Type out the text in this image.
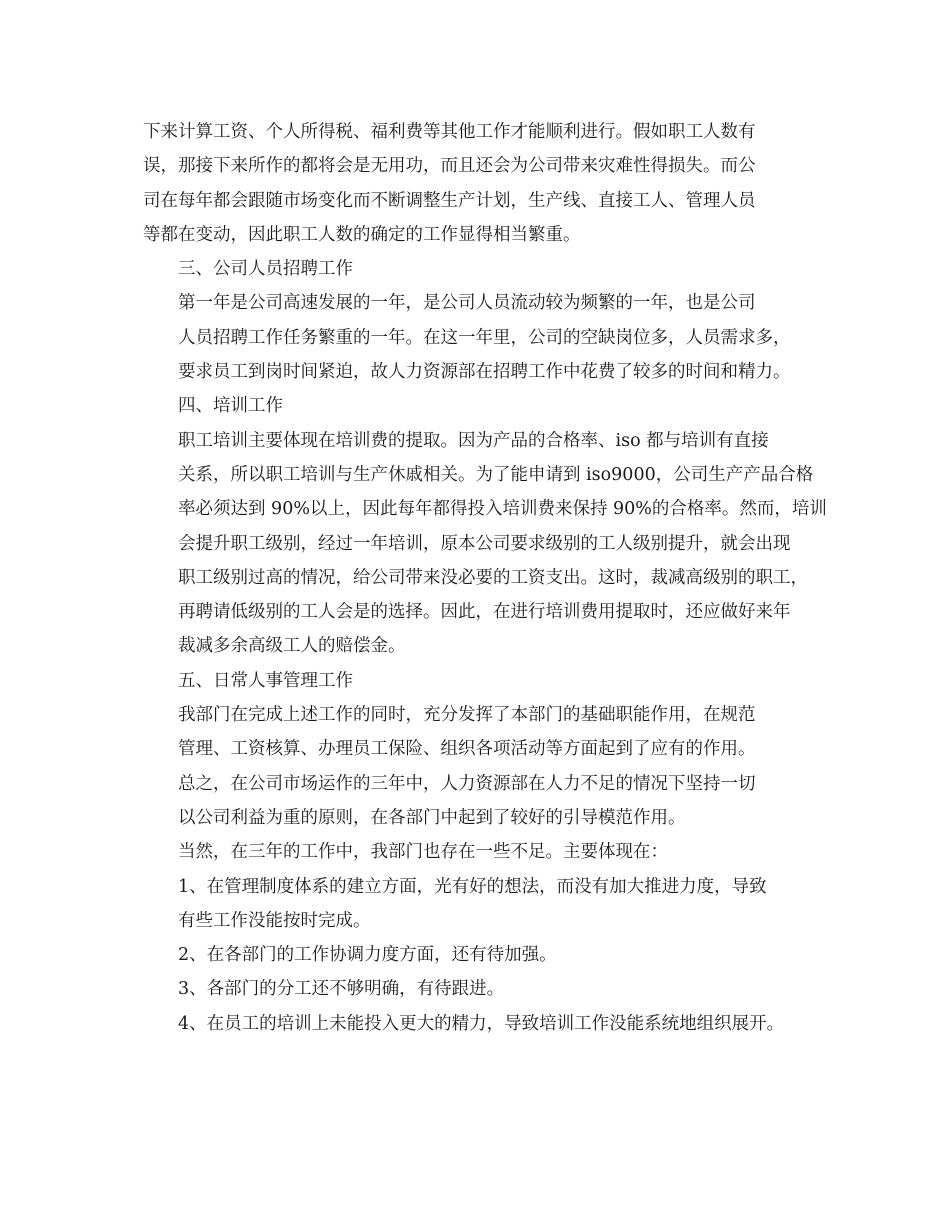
下来计算工资、个人所得税、福利费等其他工作才能顺利进行。假如职工人数有
误，那接下来所作的都将会是无用功，而且还会为公司带来灾难性得损失。而公
司在每年都会跟随市场变化而不断调整生产计划，生产线、直接工人、管理人员
等都在变动，因此职工人数的确定的工作显得相当繁重。
三、公司人员招聘工作
第一年是公司高速发展的一年，是公司人员流动较为频繁的一年，也是公司
人员招聘工作任务繁重的一年。在这一年里，公司的空缺岗位多，人员需求多，
要求员工到岗时间紧迫，故人力资源部在招聘工作中花费了较多的时间和精力。
四、培训工作
职工培训主要体现在培训费的提取。因为产品的合格率、iso 都与培训有直接
关系，所以职工培训与生产休戚相关。为了能申请到 iso9000，公司生产产品合格
率必须达到 90%以上，因此每年都得投入培训费来保持 90%的合格率。然而，培训
会提升职工级别，经过一年培训，原本公司要求级别的工人级别提升，就会出现
职工级别过高的情况，给公司带来没必要的工资支出。这时，裁减高级别的职工，
再聘请低级别的工人会是的选择。因此，在进行培训费用提取时，还应做好来年
裁减多余高级工人的赔偿金。
五、日常人事管理工作
我部门在完成上述工作的同时，充分发挥了本部门的基础职能作用，在规范
管理、工资核算、办理员工保险、组织各项活动等方面起到了应有的作用。
总之，在公司市场运作的三年中，人力资源部在人力不足的情况下坚持一切
以公司利益为重的原则，在各部门中起到了较好的引导模范作用。
当然，在三年的工作中，我部门也存在一些不足。主要体现在：
1、在管理制度体系的建立方面，光有好的想法，而没有加大推进力度，导致
有些工作没能按时完成。
2、在各部门的工作协调力度方面，还有待加强。
3、各部门的分工还不够明确，有待跟进。
4、在员工的培训上未能投入更大的精力，导致培训工作没能系统地组织展开。
